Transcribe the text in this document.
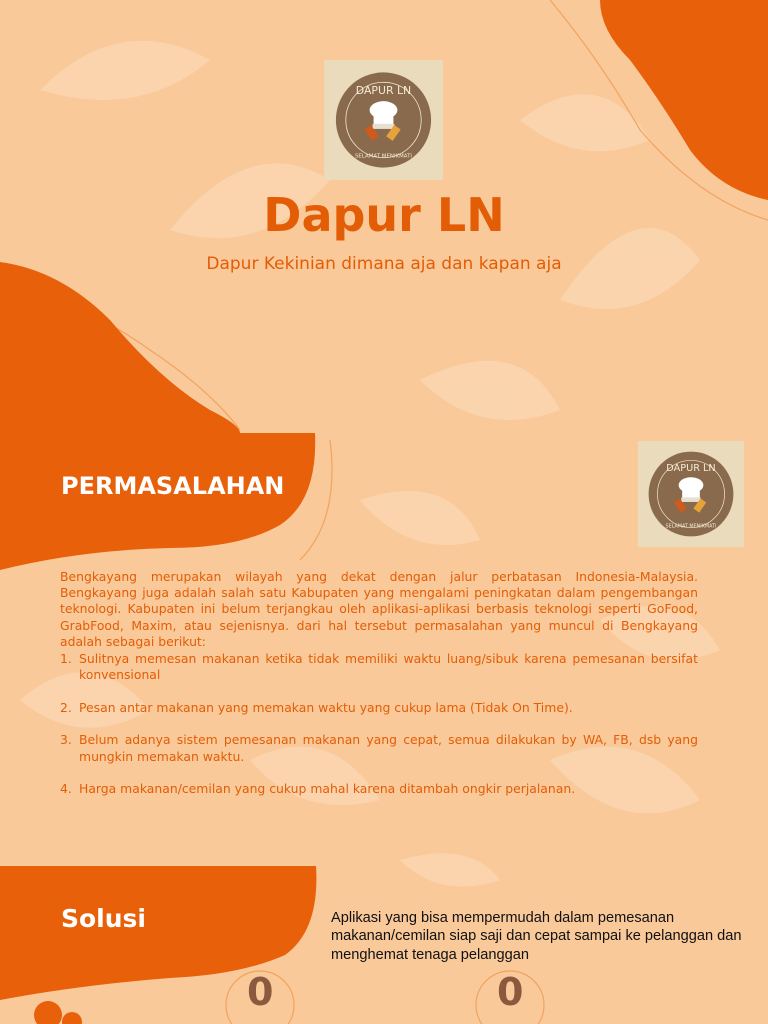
DAPUR LN
SELAMAT MENIKMATI
Dapur LN

Dapur Kekinian dimana aja dan kapan aja

DAPUR LN
SELAMAT MENIKMATI
PERMASALAHAN

Bengkayang merupakan wilayah yang dekat dengan jalur perbatasan Indonesia-Malaysia. Bengkayang juga adalah salah satu Kabupaten yang mengalami peningkatan dalam pengembangan teknologi. Kabupaten ini belum terjangkau oleh aplikasi-aplikasi berbasis teknologi seperti GoFood, GrabFood, Maxim, atau sejenisnya. dari hal tersebut permasalahan yang muncul di Bengkayang adalah sebagai berikut:

1. Sulitnya memesan makanan ketika tidak memiliki waktu luang/sibuk karena pemesanan bersifat konvensional
2. Pesan antar makanan yang memakan waktu yang cukup lama (Tidak On Time).
3. Belum adanya sistem pemesanan makanan yang cepat, semua dilakukan by WA, FB, dsb yang mungkin memakan waktu.
4. Harga makanan/cemilan yang cukup mahal karena ditambah ongkir perjalanan.
Solusi	Aplikasi yang bisa mempermudah dalam pemesanan makanan/cemilan siap saji dan cepat sampai ke pelanggan dan menghemat tenaga pelanggan

0	0
